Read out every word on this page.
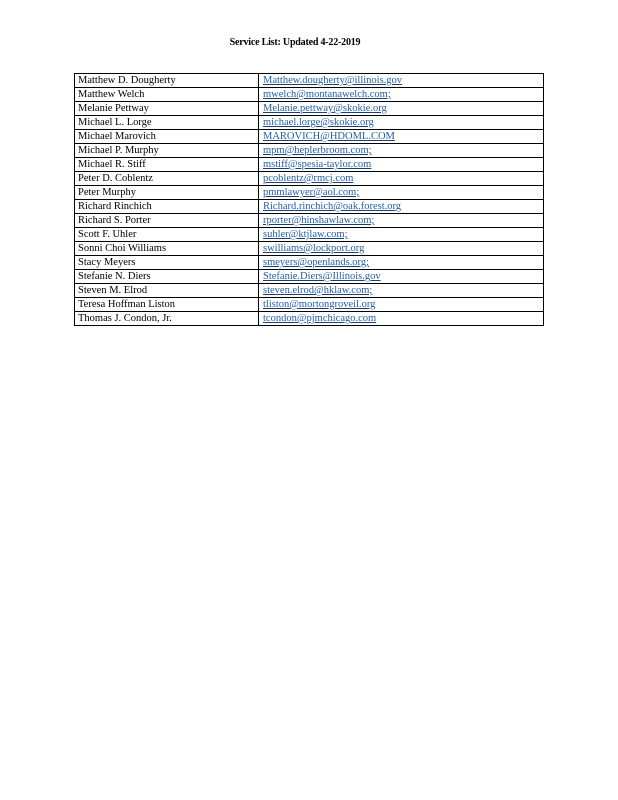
Service List: Updated 4-22-2019
Matthew D. Dougherty	Matthew.dougherty@illinois.gov
Matthew Welch	mwelch@montanawelch.com;
Melanie Pettway	Melanie.pettway@skokie.org
Michael L. Lorge	michael.lorge@skokie.org
Michael Marovich	MAROVICH@HDOML.COM
Michael P. Murphy	mpm@heplerbroom.com;
Michael R. Stiff	mstiff@spesia-taylor.com
Peter D. Coblentz	pcoblentz@rmcj.com
Peter Murphy	pmmlawyer@aol.com;
Richard Rinchich	Richard.rinchich@oak.forest.org
Richard S. Porter	rporter@hinshawlaw.com;
Scott F. Uhler	suhler@ktjlaw.com;
Sonni Choi Williams	swilliams@lockport.org
Stacy Meyers	smeyers@openlands.org;
Stefanie N. Diers	Stefanie.Diers@Illinois.gov
Steven M. Elrod	steven.elrod@hklaw.com;
Teresa Hoffman Liston	tliston@mortongroveil.org
Thomas J. Condon, Jr.	tcondon@pjmchicago.com
